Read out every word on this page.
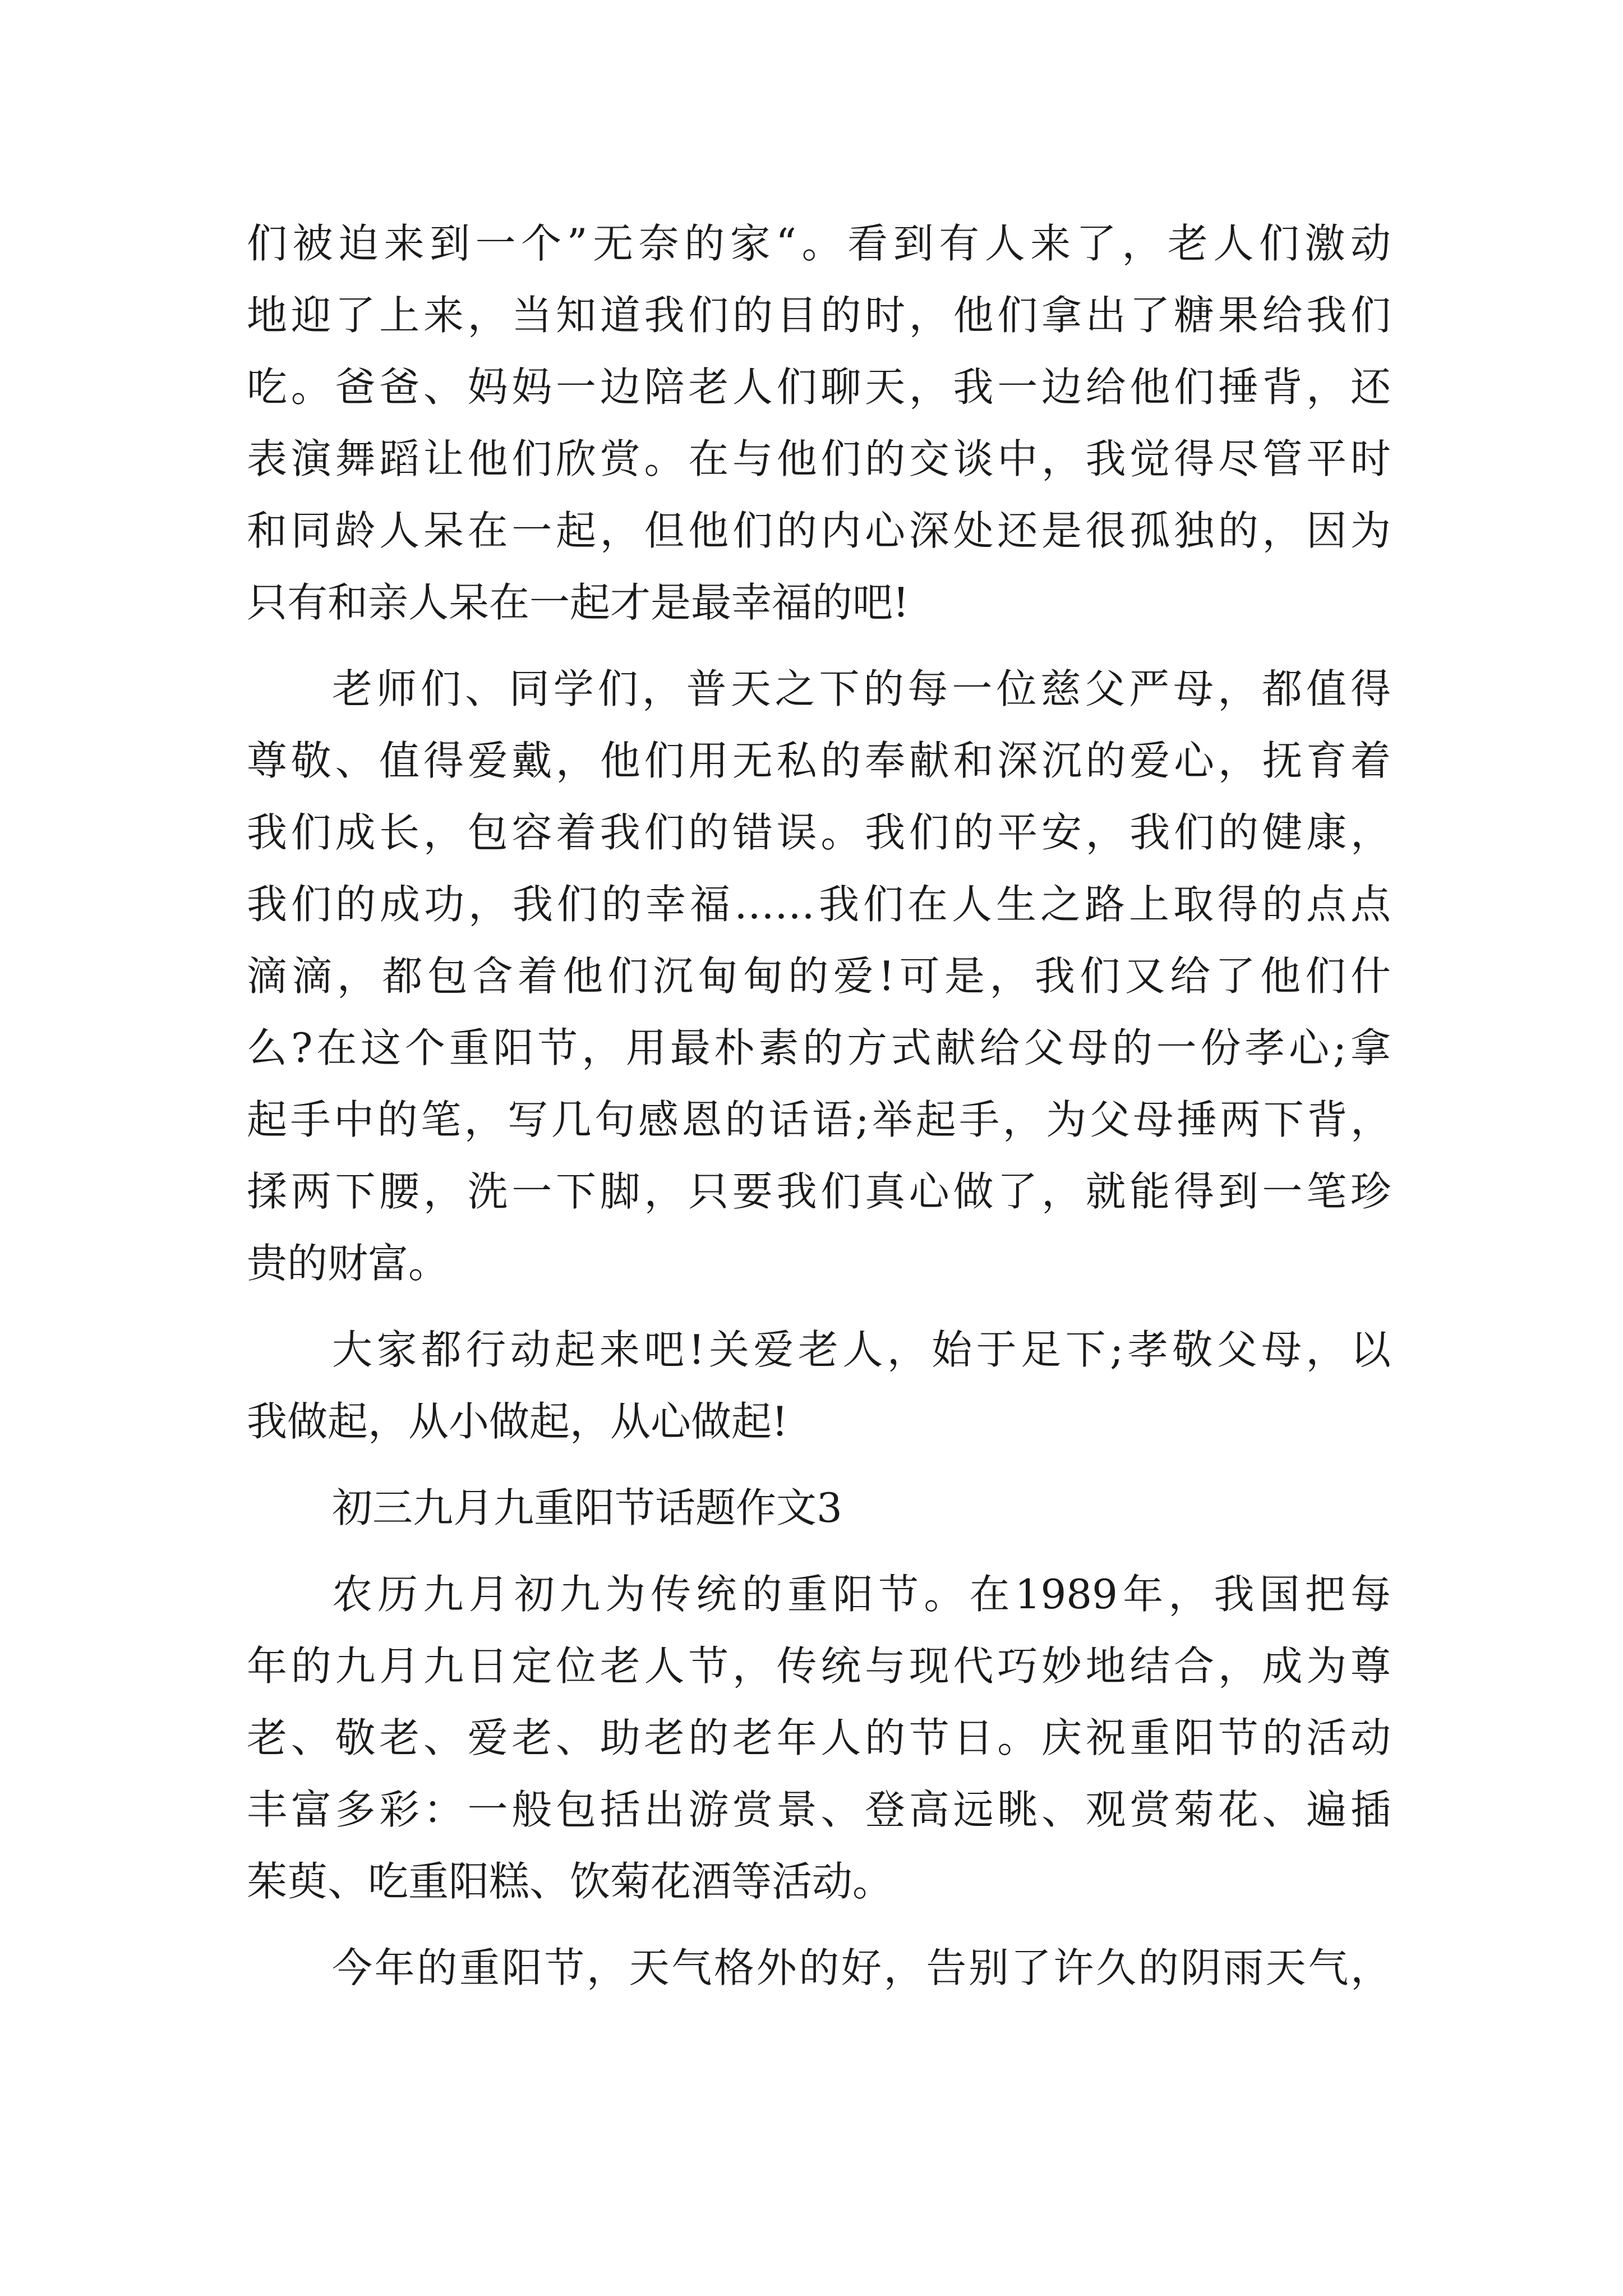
们被迫来到一个”无奈的家“。看到有人来了，老人们激动
地迎了上来，当知道我们的目的时，他们拿出了糖果给我们
吃。爸爸、妈妈一边陪老人们聊天，我一边给他们捶背，还
表演舞蹈让他们欣赏。在与他们的交谈中，我觉得尽管平时
和同龄人呆在一起，但他们的内心深处还是很孤独的，因为
只有和亲人呆在一起才是最幸福的吧!
老师们、同学们，普天之下的每一位慈父严母，都值得
尊敬、值得爱戴，他们用无私的奉献和深沉的爱心，抚育着
我们成长，包容着我们的错误。我们的平安，我们的健康，
我们的成功，我们的幸福……我们在人生之路上取得的点点
滴滴，都包含着他们沉甸甸的爱!可是，我们又给了他们什
么?在这个重阳节，用最朴素的方式献给父母的一份孝心;拿
起手中的笔，写几句感恩的话语;举起手，为父母捶两下背，
揉两下腰，洗一下脚，只要我们真心做了，就能得到一笔珍
贵的财富。
大家都行动起来吧!关爱老人，始于足下;孝敬父母，以
我做起，从小做起，从心做起!
初三九月九重阳节话题作文3
农历九月初九为传统的重阳节。在1989年，我国把每
年的九月九日定位老人节，传统与现代巧妙地结合，成为尊
老、敬老、爱老、助老的老年人的节日。庆祝重阳节的活动
丰富多彩：一般包括出游赏景、登高远眺、观赏菊花、遍插
茱萸、吃重阳糕、饮菊花酒等活动。
今年的重阳节，天气格外的好，告别了许久的阴雨天气，
